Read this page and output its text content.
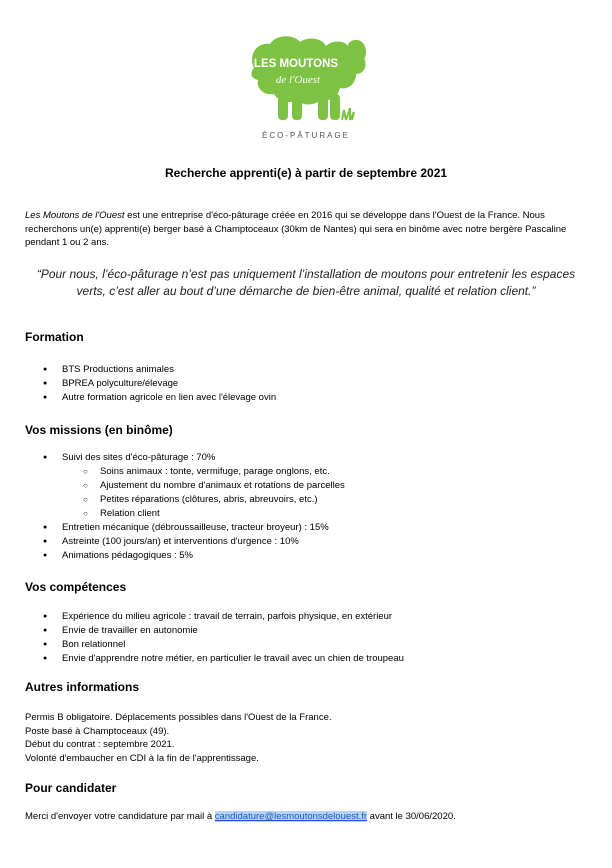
LES MOUTONS
de l'Ouest
ÉCO-PÂTURAGE
Recherche apprenti(e) à partir de septembre 2021
Les Moutons de l'Ouest est une entreprise d'éco-pâturage créée en 2016 qui se développe dans l'Ouest de la France. Nous recherchons un(e) apprenti(e) berger basé à Champtoceaux (30km de Nantes) qui sera en binôme avec notre bergère Pascaline pendant 1 ou 2 ans.
“Pour nous, l’éco-pâturage n’est pas uniquement l’installation de moutons pour entretenir les espaces verts, c’est aller au bout d’une démarche de bien-être animal, qualité et relation client.”
Formation
● BTS Productions animales
● BPREA polyculture/élevage
● Autre formation agricole en lien avec l'élevage ovin
Vos missions (en binôme)
● Suivi des sites d'éco-pâturage : 70%
○ Soins animaux : tonte, vermifuge, parage onglons, etc.
○ Ajustement du nombre d'animaux et rotations de parcelles
○ Petites réparations (clôtures, abris, abreuvoirs, etc.)
○ Relation client
● Entretien mécanique (débroussailleuse, tracteur broyeur) : 15%
● Astreinte (100 jours/an) et interventions d'urgence : 10%
● Animations pédagogiques : 5%
Vos compétences
● Expérience du milieu agricole : travail de terrain, parfois physique, en extérieur
● Envie de travailler en autonomie
● Bon relationnel
● Envie d'apprendre notre métier, en particulier le travail avec un chien de troupeau
Autres informations
Permis B obligatoire. Déplacements possibles dans l'Ouest de la France.
Poste basé à Champtoceaux (49).
Début du contrat : septembre 2021.
Volonté d'embaucher en CDI à la fin de l'apprentissage.
Pour candidater
Merci d'envoyer votre candidature par mail à candidature@lesmoutonsdelouest.fr avant le 30/06/2020.
